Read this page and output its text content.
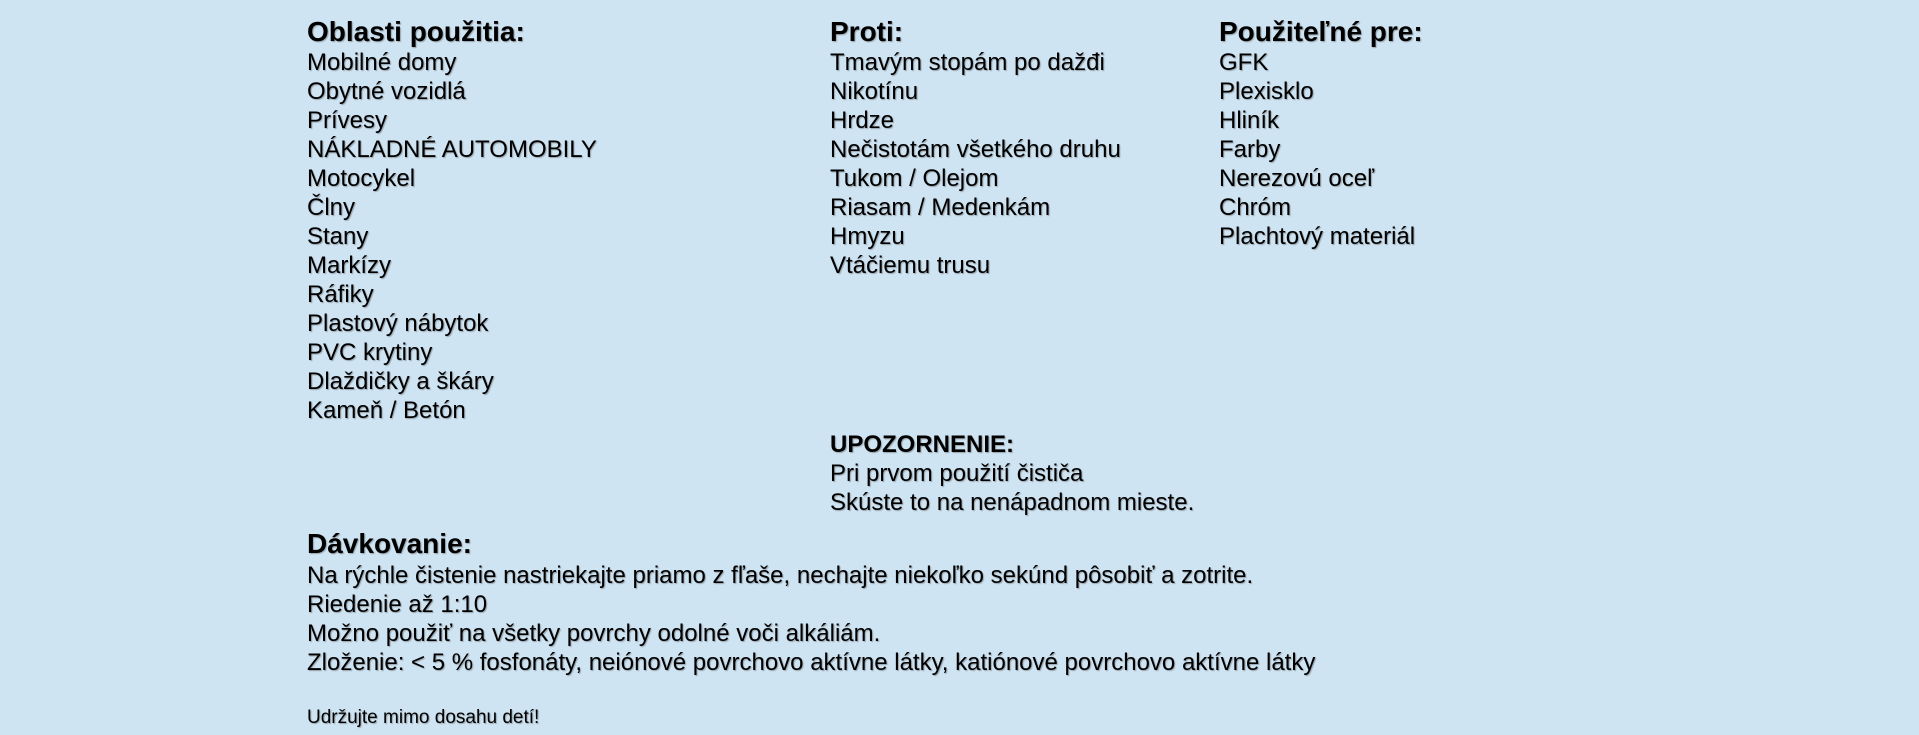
Oblasti použitia:
Mobilné domy
Obytné vozidlá
Prívesy
NÁKLADNÉ AUTOMOBILY
Motocykel
Člny
Stany
Markízy
Ráfiky
Plastový nábytok
PVC krytiny
Dlaždičky a škáry
Kameň / Betón
Proti:
Tmavým stopám po dažđi
Nikotínu
Hrdze
Nečistotám všetkého druhu
Tukom / Olejom
Riasam / Medenkám
Hmyzu
Vtáčiemu trusu
Použiteľné pre:
GFK
Plexisklo
Hliník
Farby
Nerezovú oceľ
Chróm
Plachtový materiál
UPOZORNENIE:
Pri prvom použití čističa
Skúste to na nenápadnom mieste.
Dávkovanie:
Na rýchle čistenie nastriekajte priamo z fľaše, nechajte niekoľko sekúnd pôsobiť a zotrite.
Riedenie až 1:10
Možno použiť na všetky povrchy odolné voči alkáliám.
Zloženie: < 5 % fosfonáty, neiónové povrchovo aktívne látky, katiónové povrchovo aktívne látky
Udržujte mimo dosahu detí!
